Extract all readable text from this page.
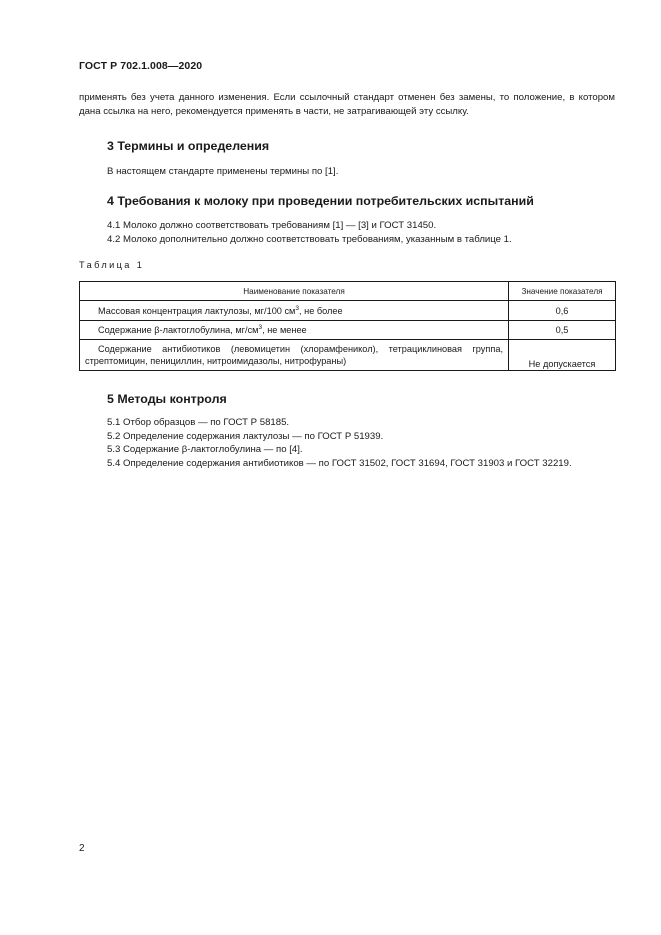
ГОСТ Р 702.1.008—2020
применять без учета данного изменения. Если ссылочный стандарт отменен без замены, то положение, в котором дана ссылка на него, рекомендуется применять в части, не затрагивающей эту ссылку.
3 Термины и определения
В настоящем стандарте применены термины по [1].
4 Требования к молоку при проведении потребительских испытаний
4.1 Молоко должно соответствовать требованиям [1] — [3] и ГОСТ 31450.
4.2 Молоко дополнительно должно соответствовать требованиям, указанным в таблице 1.
Таблица 1
Наименование показателя	Значение показателя
Массовая концентрация лактулозы, мг/100 $см^3$, не более	0,6
Содержание β-лактоглобулина, $мг/см^3$, не менее	0,5
Содержание антибиотиков (левомицетин (хлорамфеникол), тетрациклиновая группа, стрептомицин, пенициллин, нитроимидазолы, нитрофураны)	Не допускается
5 Методы контроля
5.1 Отбор образцов — по ГОСТ Р 58185.
5.2 Определение содержания лактулозы — по ГОСТ Р 51939.
5.3 Содержание β-лактоглобулина — по [4].
5.4 Определение содержания антибиотиков — по ГОСТ 31502, ГОСТ 31694, ГОСТ 31903 и ГОСТ 32219.
2
